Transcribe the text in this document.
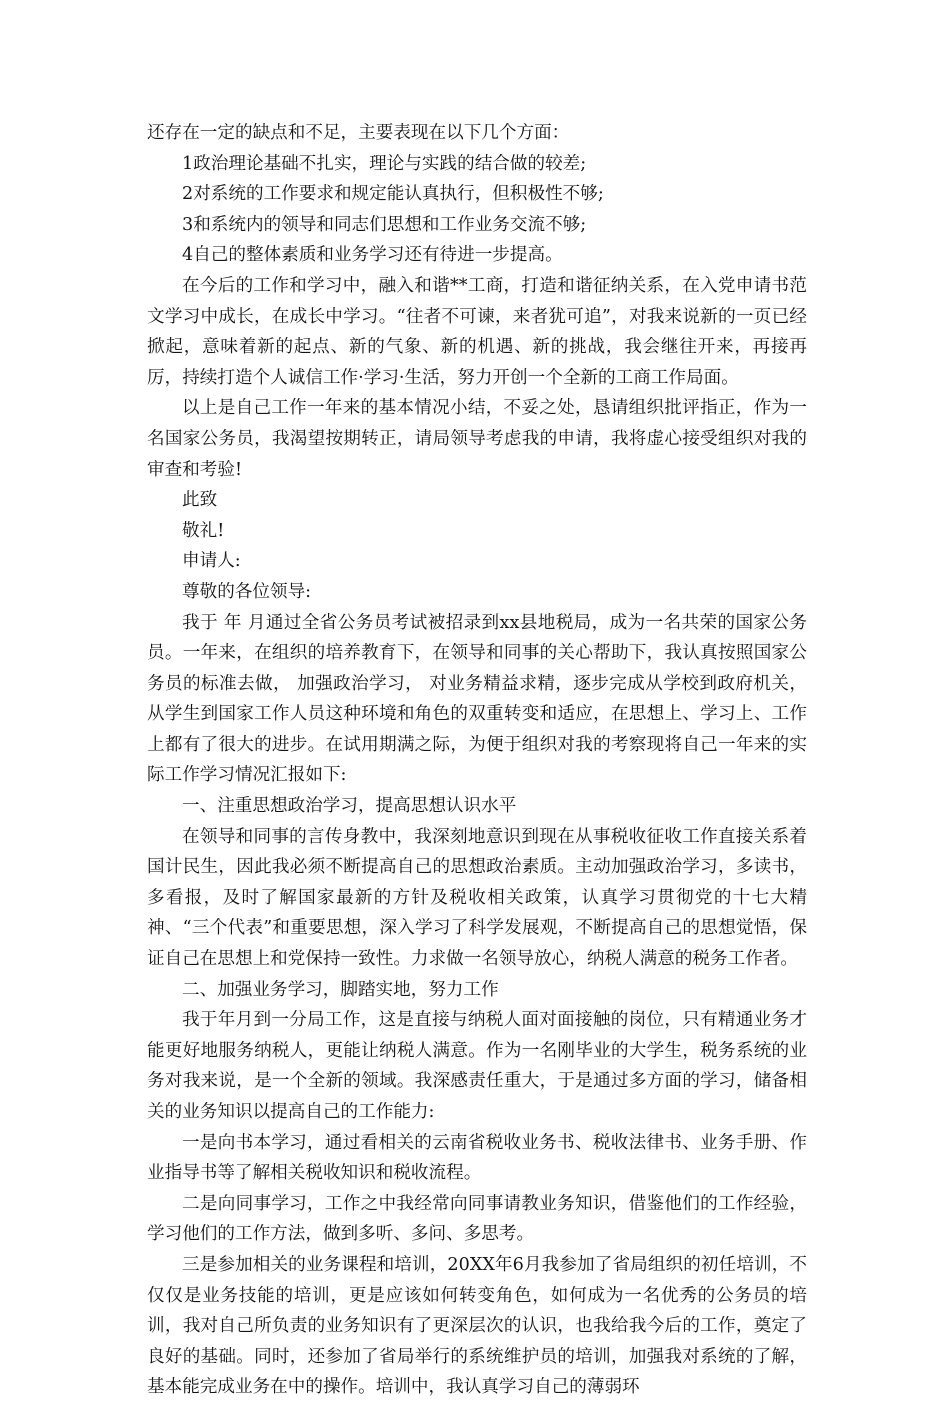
还存在一定的缺点和不足，主要表现在以下几个方面：

1政治理论基础不扎实，理论与实践的结合做的较差;

2对系统的工作要求和规定能认真执行，但积极性不够;

3和系统内的领导和同志们思想和工作业务交流不够;

4自己的整体素质和业务学习还有待进一步提高。

在今后的工作和学习中，融入和谐**工商，打造和谐征纳关系，在入党申请书范文学习中成长，在成长中学习。“往者不可谏，来者犹可追”，对我来说新的一页已经掀起，意味着新的起点、新的气象、新的机遇、新的挑战，我会继往开来，再接再厉，持续打造个人诚信工作·学习·生活，努力开创一个全新的工商工作局面。

以上是自己工作一年来的基本情况小结，不妥之处，恳请组织批评指正，作为一名国家公务员，我渴望按期转正，请局领导考虑我的申请，我将虚心接受组织对我的审查和考验!

此致

敬礼!

申请人:

尊敬的各位领导:

我于 年 月通过全省公务员考试被招录到xx县地税局，成为一名共荣的国家公务员。一年来，在组织的培养教育下，在领导和同事的关心帮助下，我认真按照国家公务员的标准去做， 加强政治学习， 对业务精益求精，逐步完成从学校到政府机关，从学生到国家工作人员这种环境和角色的双重转变和适应，在思想上、学习上、工作上都有了很大的进步。在试用期满之际，为便于组织对我的考察现将自己一年来的实际工作学习情况汇报如下:

一、注重思想政治学习，提高思想认识水平

在领导和同事的言传身教中，我深刻地意识到现在从事税收征收工作直接关系着国计民生，因此我必须不断提高自己的思想政治素质。主动加强政治学习，多读书，多看报，及时了解国家最新的方针及税收相关政策，认真学习贯彻党的十七大精神、“三个代表”和重要思想，深入学习了科学发展观，不断提高自己的思想觉悟，保证自己在思想上和党保持一致性。力求做一名领导放心，纳税人满意的税务工作者。

二、加强业务学习，脚踏实地，努力工作

我于年月到一分局工作，这是直接与纳税人面对面接触的岗位，只有精通业务才能更好地服务纳税人，更能让纳税人满意。作为一名刚毕业的大学生，税务系统的业务对我来说，是一个全新的领域。我深感责任重大，于是通过多方面的学习，储备相关的业务知识以提高自己的工作能力:

一是向书本学习，通过看相关的云南省税收业务书、税收法律书、业务手册、作业指导书等了解相关税收知识和税收流程。

二是向同事学习，工作之中我经常向同事请教业务知识，借鉴他们的工作经验，学习他们的工作方法，做到多听、多问、多思考。

三是参加相关的业务课程和培训，20XX年6月我参加了省局组织的初任培训，不仅仅是业务技能的培训，更是应该如何转变角色，如何成为一名优秀的公务员的培训，我对自己所负责的业务知识有了更深层次的认识，也我给我今后的工作，奠定了良好的基础。同时，还参加了省局举行的系统维护员的培训，加强我对系统的了解，基本能完成业务在中的操作。培训中，我认真学习自己的薄弱环
